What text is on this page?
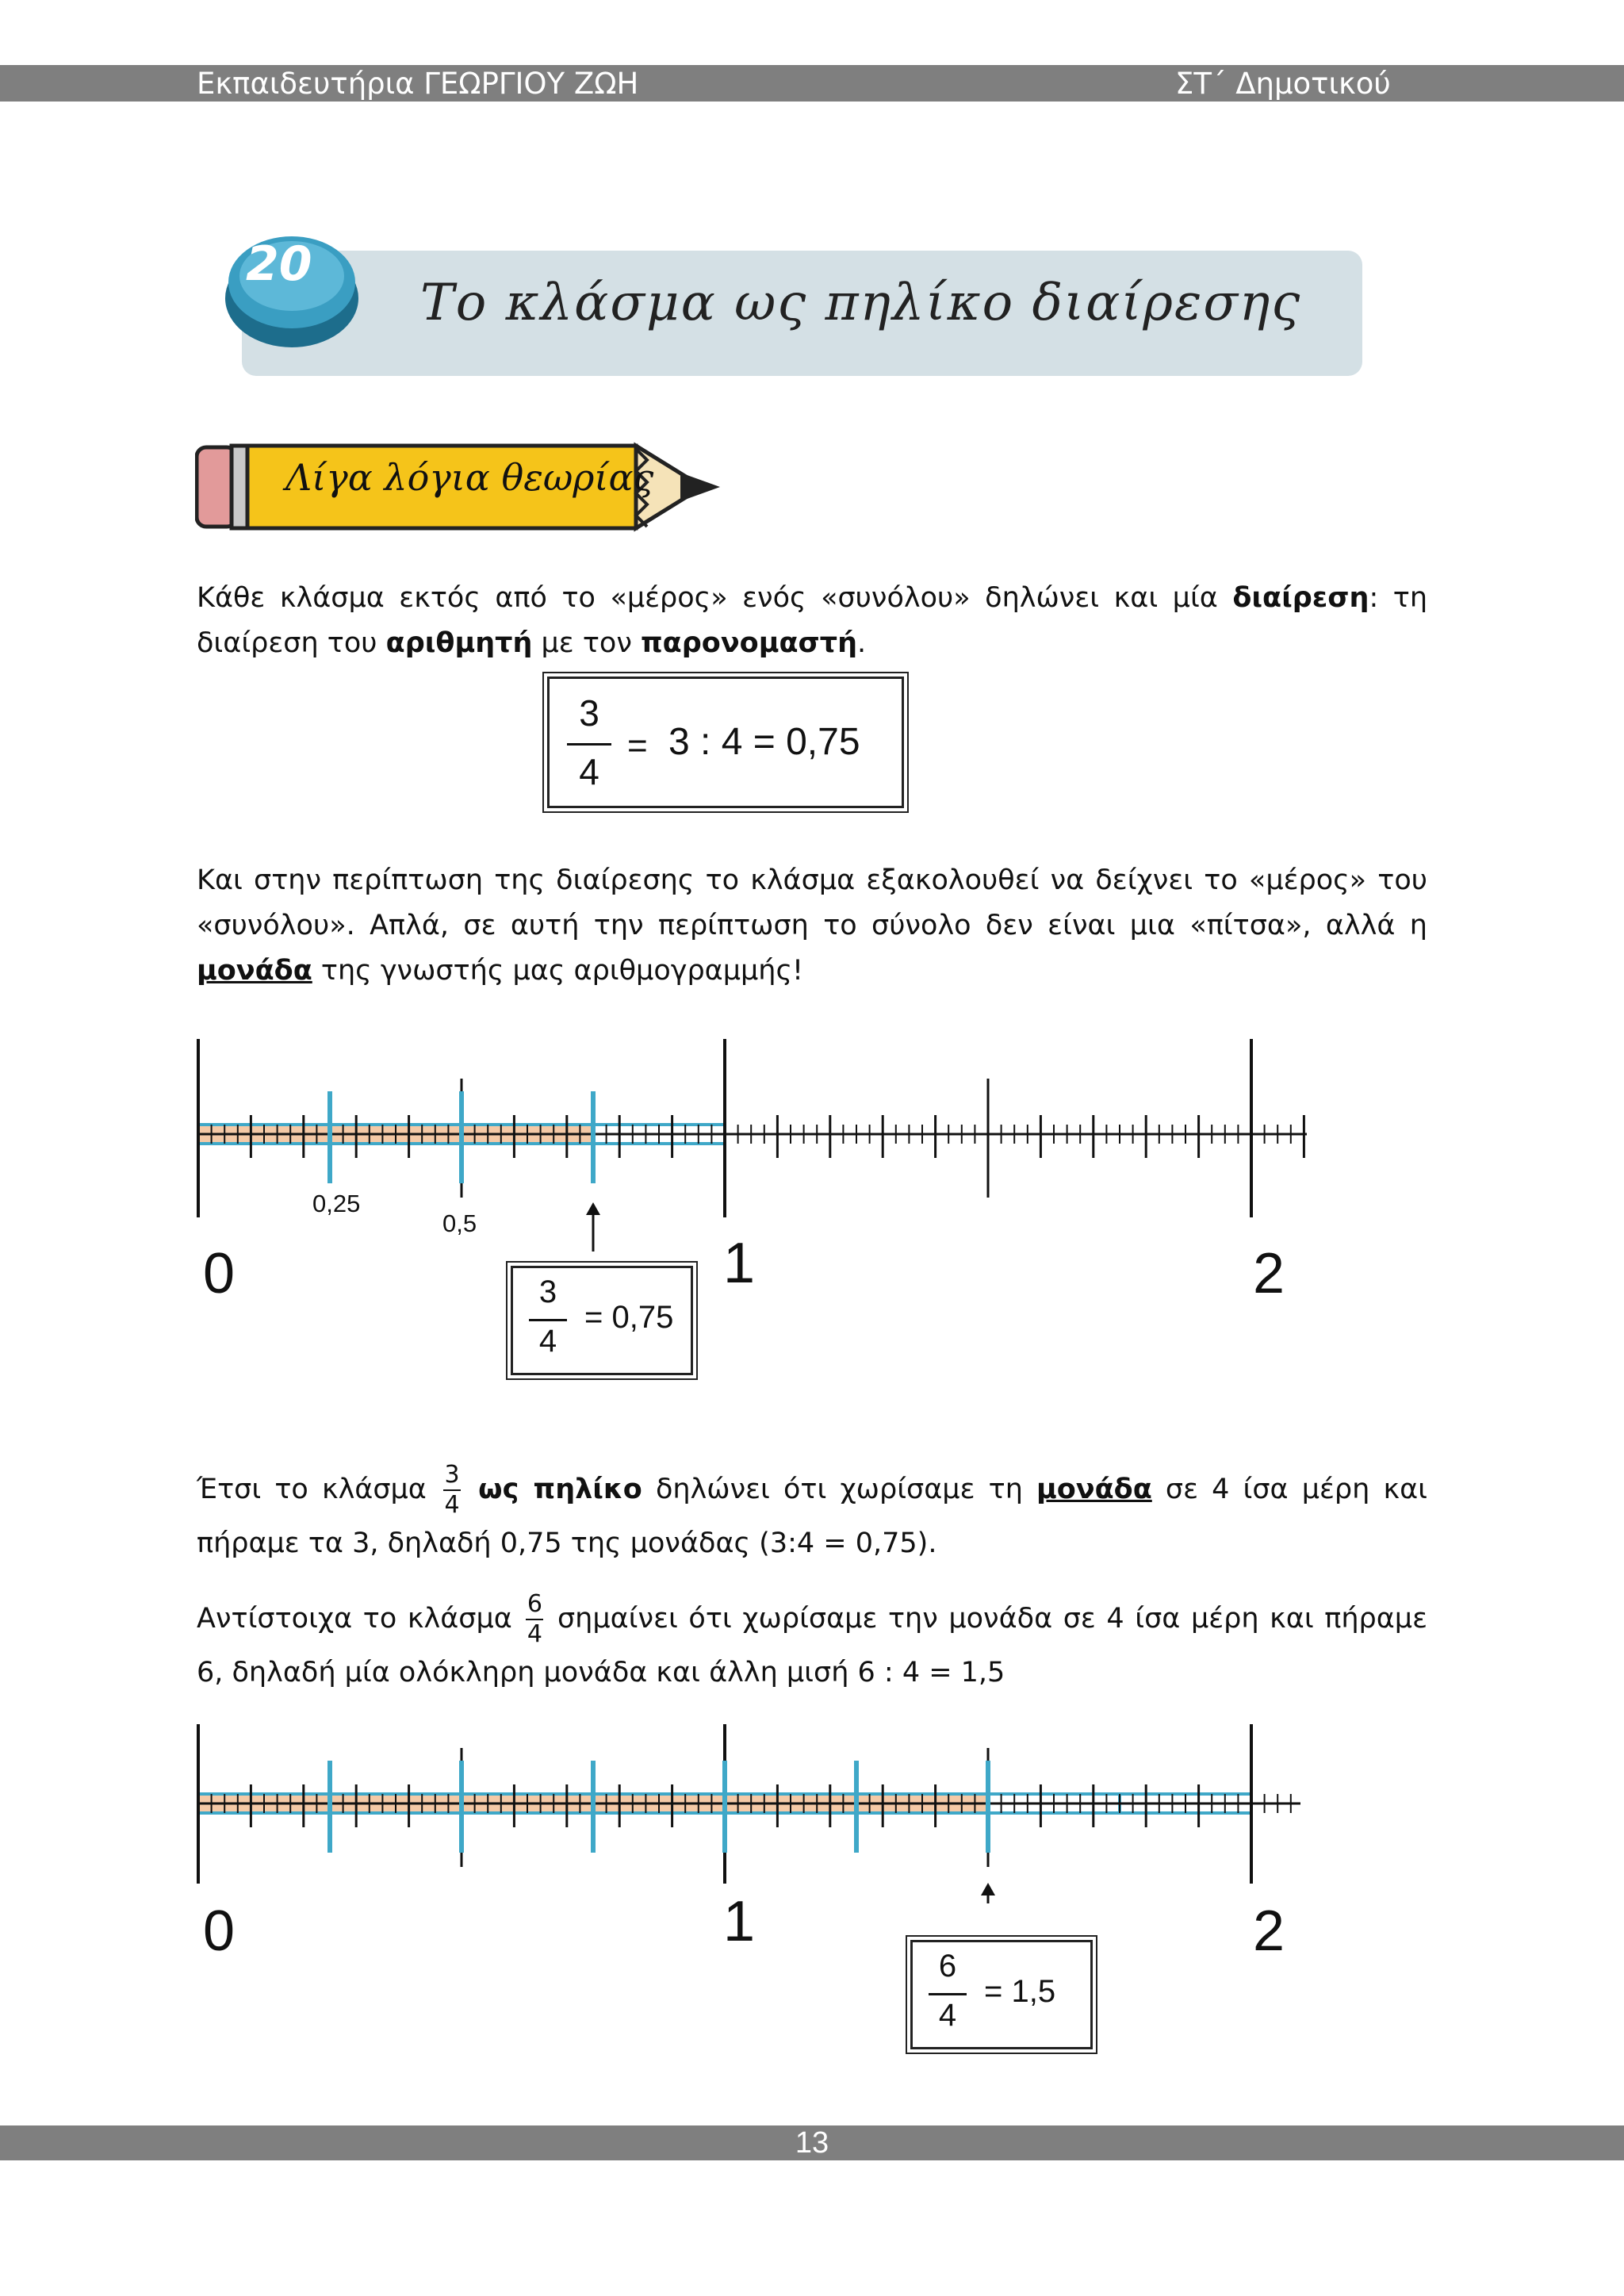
Εκπαιδευτήρια ΓΕΩΡΓΙΟΥ ΖΩΗ	ΣΤ΄ Δημοτικού
20
Το κλάσμα ως πηλίκο διαίρεσης
Λίγα λόγια θεωρίας
Κάθε κλάσμα εκτός από το «μέρος» ενός «συνόλου» δηλώνει και μία διαίρεση: τη διαίρεση του αριθμητή με τον παρονομαστή.
3
4
= 3 : 4 = 0,75
Και στην περίπτωση της διαίρεσης το κλάσμα εξακολουθεί να δείχνει το «μέρος» του «συνόλου». Απλά, σε αυτή την περίπτωση το σύνολο δεν είναι μια «πίτσα», αλλά η μονάδα της γνωστής μας αριθμογραμμής!
0	1	2
0,25
0,5
3
4
= 0,75
Έτσι το κλάσμα $\frac{3}{4}$ ως πηλίκο δηλώνει ότι χωρίσαμε τη μονάδα σε 4 ίσα μέρη και πήραμε τα 3, δηλαδή 0,75 της μονάδας (3:4 = 0,75).
Αντίστοιχα το κλάσμα $\frac{6}{4}$ σημαίνει ότι χωρίσαμε την μονάδα σε 4 ίσα μέρη και πήραμε 6, δηλαδή μία ολόκληρη μονάδα και άλλη μισή 6 : 4 = 1,5
0	1	2
6
4
= 1,5
13
